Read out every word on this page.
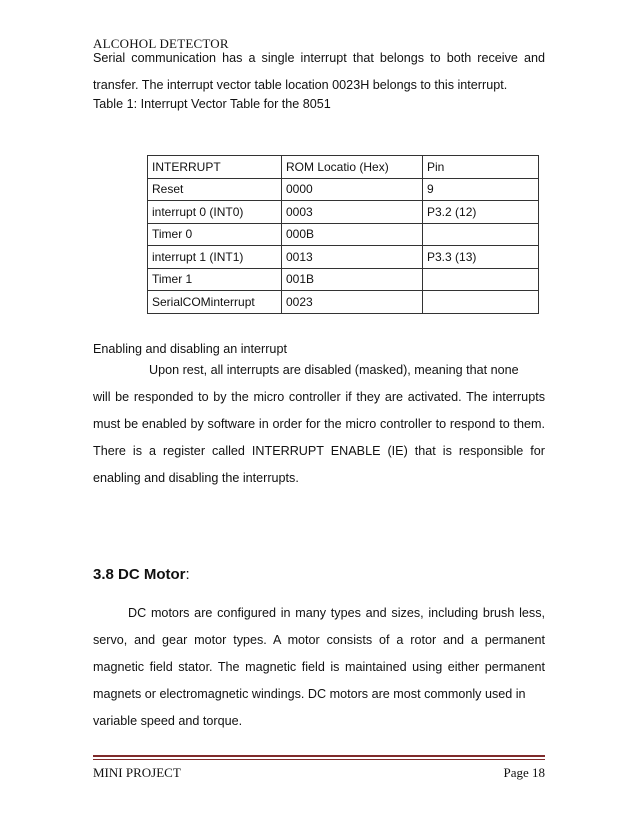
ALCOHOL DETECTOR
Serial communication has a single interrupt that belongs to both receive and
transfer. The interrupt vector table location 0023H belongs to this interrupt.
Table 1: Interrupt Vector Table for the 8051
INTERRUPT	ROM Locatio (Hex)	Pin
Reset	0000	9
interrupt 0 (INT0)	0003	P3.2 (12)
Timer 0	000B	
interrupt 1 (INT1)	0013	P3.3 (13)
Timer 1	001B	
SerialCOMinterrupt	0023	
Enabling and disabling an interrupt
Upon rest, all interrupts are disabled (masked), meaning that none
will be responded to by the micro controller if they are activated. The interrupts
must be enabled by software in order for the micro controller to respond to them.
There is a register called INTERRUPT ENABLE (IE) that is responsible for
enabling and disabling the interrupts.
3.8 DC Motor:
DC motors are configured in many types and sizes, including brush less,
servo, and gear motor types. A motor consists of a rotor and a permanent
magnetic field stator. The magnetic field is maintained using either permanent
magnets or electromagnetic windings. DC motors are most commonly used in
variable speed and torque.
MINI PROJECT	Page 18
